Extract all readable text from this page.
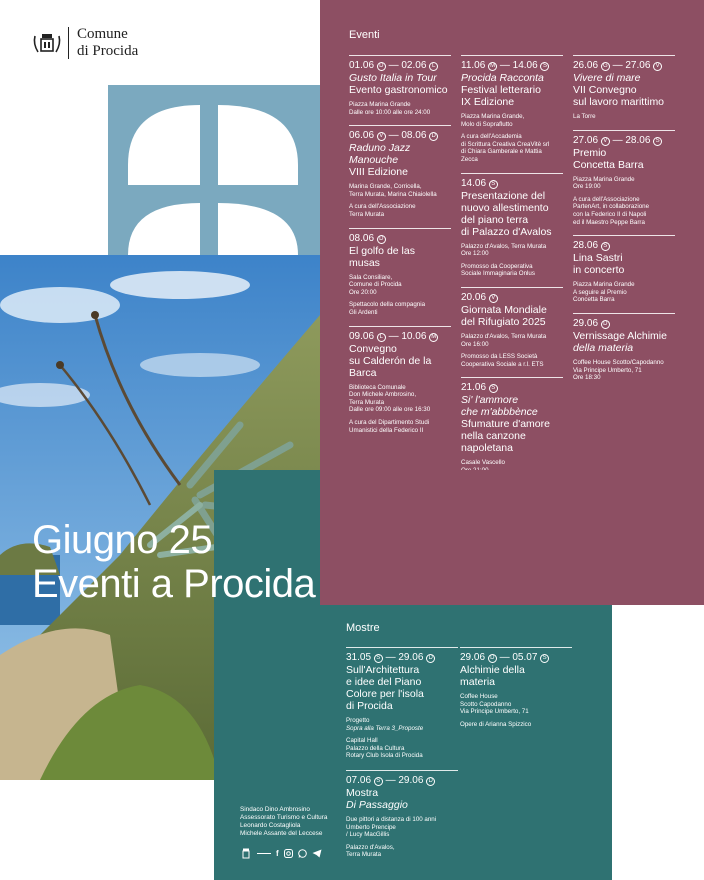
Comune
di Procida
Eventi
01.06 D — 02.06 L
Gusto Italia in Tour
Evento gastronomico
Piazza Marina Grande
Dalle ore 10:00 alle ore 24:00
06.06 V — 08.06 D
Raduno Jazz
Manouche
VIII Edizione
Marina Grande, Corricella,
Terra Murata, Marina Chiaiolella
A cura dell'Associazione
Terra Murata
08.06 D
El golfo de las
musas
Sala Consiliare,
Comune di Procida
Ore 20:00
Spettacolo della compagnia
Gli Ardenti
09.06 L — 10.06 M
Convegno
su Calderón de la
Barca
Biblioteca Comunale
Don Michele Ambrosino,
Terra Murata
Dalle ore 09:00 alle ore 16:30
A cura del Dipartimento Studi
Umanistici della Federico II
11.06 M — 14.06 S
Procida Racconta
Festival letterario
IX Edizione
Piazza Marina Grande,
Molo di Sopraflutto
A cura dell'Accademia
di Scrittura Creativa CreaVitè srl
di Chiara Gamberale e Mattia
Zecca
14.06 S
Presentazione del
nuovo allestimento
del piano terra
di Palazzo d'Avalos
Palazzo d'Avalos, Terra Murata
Ore 12:00
Promosso da Cooperativa
Sociale Immaginaria Onlus
20.06 V
Giornata Mondiale
del Rifugiato 2025
Palazzo d'Avalos, Terra Murata
Ore 16:00
Promosso da LESS Società
Cooperativa Sociale a r.l. ETS
21.06 S
Si' l'ammore
che m'abbbènce
Sfumature d'amore
nella canzone
napoletana
Casale Vascello

26.06 G — 27.06 V
Vivere di mare
VII Convegno
sul lavoro marittimo
La Torre
27.06 V — 28.06 S
Premio
Concetta Barra
Piazza Marina Grande
Ore 19:00
A cura dell'Associazione
PartenArt, in collaborazione
con la Federico II di Napoli
ed il Maestro Peppe Barra
28.06 S
Lina Sastri
in concerto
Piazza Marina Grande
A seguire al Premio
Concetta Barra
29.06 D
Vernissage Alchimie
della materia
Coffee House Scotto/Capodanno
Via Principe Umberto, 71
Ore 18:30
Mostre
31.05 S — 29.06 D
Sull'Architettura
e idee del Piano
Colore per l'isola
di Procida
Progetto
Sopra alla Terra 3_Proposte
Capital Hall
Palazzo della Cultura
Rotary Club Isola di Procida
07.06 S — 29.06 D
Mostra
Di Passaggio
Due pittori a distanza di 100 anni
Umberto Prencipe
/ Lucy MacGillis
Palazzo d'Avalos,
Terra Murata
29.06 D — 05.07 S
Alchimie della
materia
Coffee House
Scotto Capodanno
Via Principe Umberto, 71
Opere di Arianna Spizzico
Sindaco Dino Ambrosino
Assessorato Turismo e Cultura
Leonardo Costagliola
Michele Assante del Leccese
f
Giugno 25
Eventi a Procida
